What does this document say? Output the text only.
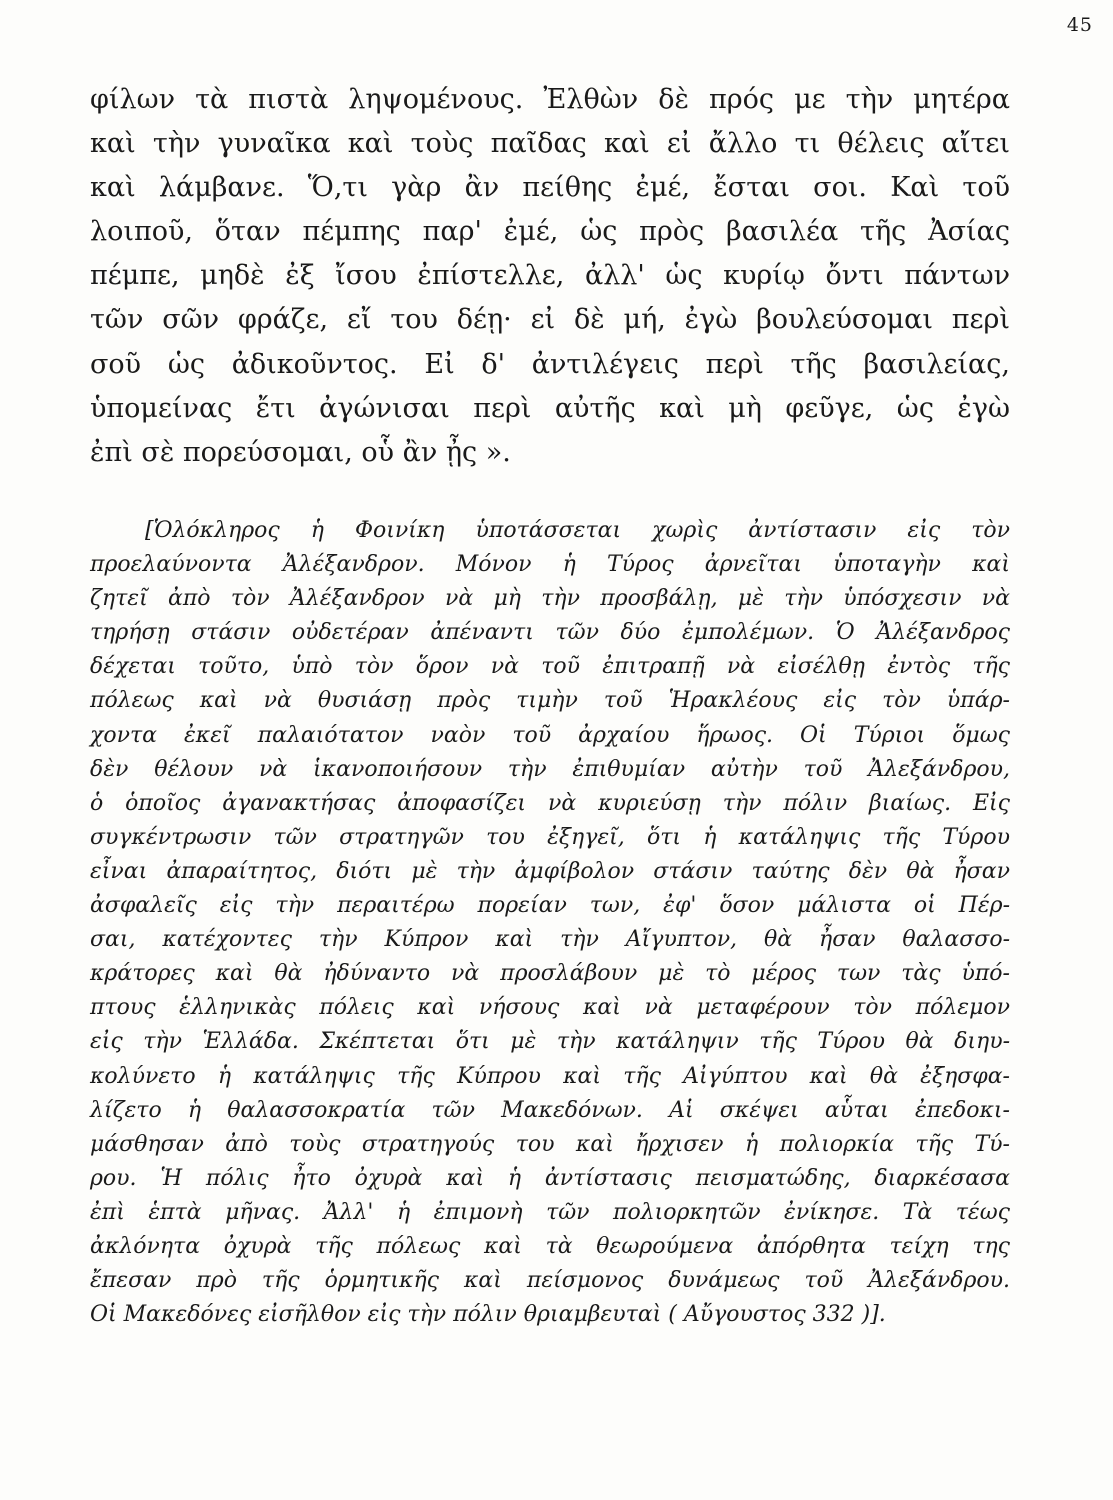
45
φίλων τὰ πιστὰ ληψομένους. Ἐλθὼν δὲ πρός με τὴν μητέρα
καὶ τὴν γυναῖκα καὶ τοὺς παῖδας καὶ εἰ ἄλλο τι θέλεις αἴτει
καὶ λάμβανε. Ὅ,τι γὰρ ἂν πείθης ἐμέ, ἔσται σοι. Καὶ τοῦ
λοιποῦ, ὅταν πέμπης παρ' ἐμέ, ὡς πρὸς βασιλέα τῆς Ἀσίας
πέμπε, μηδὲ ἐξ ἴσου ἐπίστελλε, ἀλλ' ὡς κυρίῳ ὄντι πάντων
τῶν σῶν φράζε, εἴ του δέῃ· εἰ δὲ μή, ἐγὼ βουλεύσομαι περὶ
σοῦ ὡς ἀδικοῦντος. Εἰ δ' ἀντιλέγεις περὶ τῆς βασιλείας,
ὑπομείνας ἔτι ἀγώνισαι περὶ αὐτῆς καὶ μὴ φεῦγε, ὡς ἐγὼ
ἐπὶ σὲ πορεύσομαι, οὗ ἂν ᾖς ».
[Ὁλόκληρος ἡ Φοινίκη ὑποτάσσεται χωρὶς ἀντίστασιν εἰς τὸν
προελαύνοντα Ἀλέξανδρον. Μόνον ἡ Τύρος ἀρνεῖται ὑποταγὴν καὶ
ζητεῖ ἀπὸ τὸν Ἀλέξανδρον νὰ μὴ τὴν προσβάλῃ, μὲ τὴν ὑπόσχεσιν νὰ
τηρήσῃ στάσιν οὐδετέραν ἀπέναντι τῶν δύο ἐμπολέμων. Ὁ Ἀλέξανδρος
δέχεται τοῦτο, ὑπὸ τὸν ὅρον νὰ τοῦ ἐπιτραπῇ νὰ εἰσέλθῃ ἐντὸς τῆς
πόλεως καὶ νὰ θυσιάσῃ πρὸς τιμὴν τοῦ Ἡρακλέους εἰς τὸν ὑπάρ-
χοντα ἐκεῖ παλαιότατον ναὸν τοῦ ἀρχαίου ἥρωος. Οἱ Τύριοι ὅμως
δὲν θέλουν νὰ ἱκανοποιήσουν τὴν ἐπιθυμίαν αὐτὴν τοῦ Ἀλεξάνδρου,
ὁ ὁποῖος ἀγανακτήσας ἀποφασίζει νὰ κυριεύσῃ τὴν πόλιν βιαίως. Εἰς
συγκέντρωσιν τῶν στρατηγῶν του ἐξηγεῖ, ὅτι ἡ κατάληψις τῆς Τύρου
εἶναι ἀπαραίτητος, διότι μὲ τὴν ἀμφίβολον στάσιν ταύτης δὲν θὰ ἦσαν
ἀσφαλεῖς εἰς τὴν περαιτέρω πορείαν των, ἐφ' ὅσον μάλιστα οἱ Πέρ-
σαι, κατέχοντες τὴν Κύπρον καὶ τὴν Αἴγυπτον, θὰ ἦσαν θαλασσο-
κράτορες καὶ θὰ ἠδύναντο νὰ προσλάβουν μὲ τὸ μέρος των τὰς ὑπό-
πτους ἑλληνικὰς πόλεις καὶ νήσους καὶ νὰ μεταφέρουν τὸν πόλεμον
εἰς τὴν Ἑλλάδα. Σκέπτεται ὅτι μὲ τὴν κατάληψιν τῆς Τύρου θὰ διηυ-
κολύνετο ἡ κατάληψις τῆς Κύπρου καὶ τῆς Αἰγύπτου καὶ θὰ ἐξησφα-
λίζετο ἡ θαλασσοκρατία τῶν Μακεδόνων. Αἱ σκέψει αὗται ἐπεδοκι-
μάσθησαν ἀπὸ τοὺς στρατηγούς του καὶ ἤρχισεν ἡ πολιορκία τῆς Τύ-
ρου. Ἡ πόλις ἦτο ὀχυρὰ καὶ ἡ ἀντίστασις πεισματώδης, διαρκέσασα
ἐπὶ ἑπτὰ μῆνας. Ἀλλ' ἡ ἐπιμονὴ τῶν πολιορκητῶν ἐνίκησε. Τὰ τέως
ἀκλόνητα ὀχυρὰ τῆς πόλεως καὶ τὰ θεωρούμενα ἀπόρθητα τείχη της
ἔπεσαν πρὸ τῆς ὁρμητικῆς καὶ πείσμονος δυνάμεως τοῦ Ἀλεξάνδρου.
Οἱ Μακεδόνες εἰσῆλθον εἰς τὴν πόλιν θριαμβευταὶ ( Αὔγουστος 332 )].
